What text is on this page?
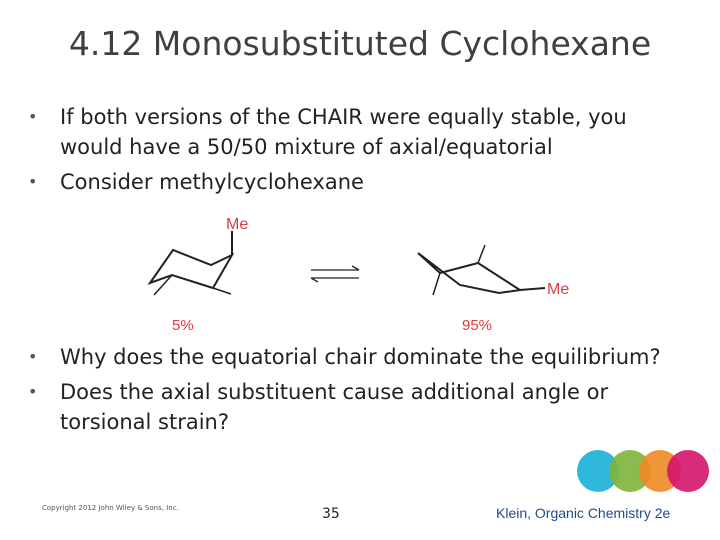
4.12 Monosubstituted Cyclohexane
• If both versions of the CHAIR were equally stable, you would have a 50/50 mixture of axial/equatorial
• Consider methylcyclohexane
Me
5%
Me
95%
• Why does the equatorial chair dominate the equilibrium?
• Does the axial substituent cause additional angle or torsional strain?
Copyright 2012 John Wiley & Sons, Inc.	35	Klein, Organic Chemistry 2e
